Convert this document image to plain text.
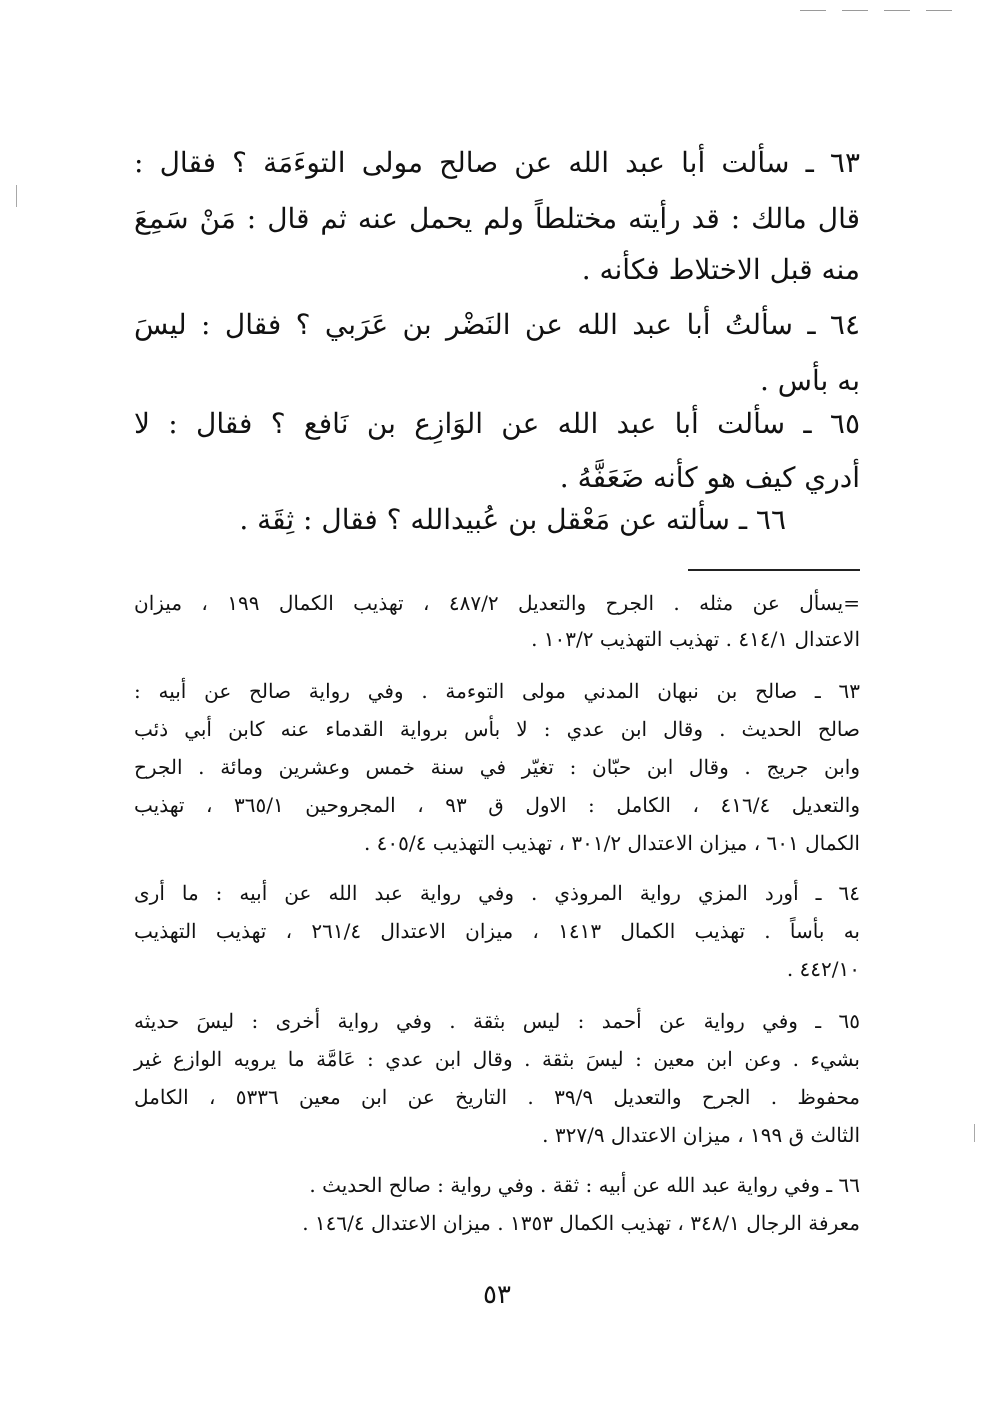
٦٣ ـ سألت أبا عبد الله عن صالح مولى التوءَمَة ؟ فقال :
قال مالك : قد رأيته مختلطاً ولم يحمل عنه ثم قال : مَنْ سَمِعَ
منه قبل الاختلاط فكأنه .
٦٤ ـ سألتُ أبا عبد الله عن النَضْر بن عَرَبي ؟ فقال : ليسَ
به بأس .
٦٥ ـ سألت أبا عبد الله عن الوَازِع بن نَافع ؟ فقال : لا
أدري كيف هو كأنه ضَعَفَّهُ .
٦٦ ـ سألته عن مَعْقل بن عُبيدالله ؟ فقال : ثِقَة .
=يسأل عن مثله . الجرح والتعديل ٤٨٧/٢ ، تهذيب الكمال ١٩٩ ، ميزان
الاعتدال ٤١٤/١ . تهذيب التهذيب ١٠٣/٢ .
٦٣ ـ صالح بن نبهان المدني مولى التوءمة . وفي رواية صالح عن أبيه :
صالح الحديث . وقال ابن عدي : لا بأس برواية القدماء عنه كابن أبي ذئب
وابن جريج . وقال ابن حبّان : تغيّر في سنة خمس وعشرين ومائة . الجرح
والتعديل ٤١٦/٤ ، الكامل : الاول ق ٩٣ ، المجروحين ٣٦٥/١ ، تهذيب
الكمال ٦٠١ ، ميزان الاعتدال ٣٠١/٢ ، تهذيب التهذيب ٤٠٥/٤ .
٦٤ ـ أورد المزي رواية المروذي . وفي رواية عبد الله عن أبيه : ما أرى
به بأساً . تهذيب الكمال ١٤١٣ ، ميزان الاعتدال ٢٦١/٤ ، تهذيب التهذيب
٤٤٢/١٠ .
٦٥ ـ وفي رواية عن أحمد : ليس بثقة . وفي رواية أخرى : ليسَ حديثه
بشيء . وعن ابن معين : ليسَ بثقة . وقال ابن عدي : عَامَّة ما يرويه الوازع غير
محفوظ . الجرح والتعديل ٣٩/٩ . التاريخ عن ابن معين ٥٣٣٦ ، الكامل
الثالث ق ١٩٩ ، ميزان الاعتدال ٣٢٧/٩ .
٦٦ ـ وفي رواية عبد الله عن أبيه : ثقة . وفي رواية : صالح الحديث .
معرفة الرجال ٣٤٨/١ ، تهذيب الكمال ١٣٥٣ . ميزان الاعتدال ١٤٦/٤ .
٥٣
